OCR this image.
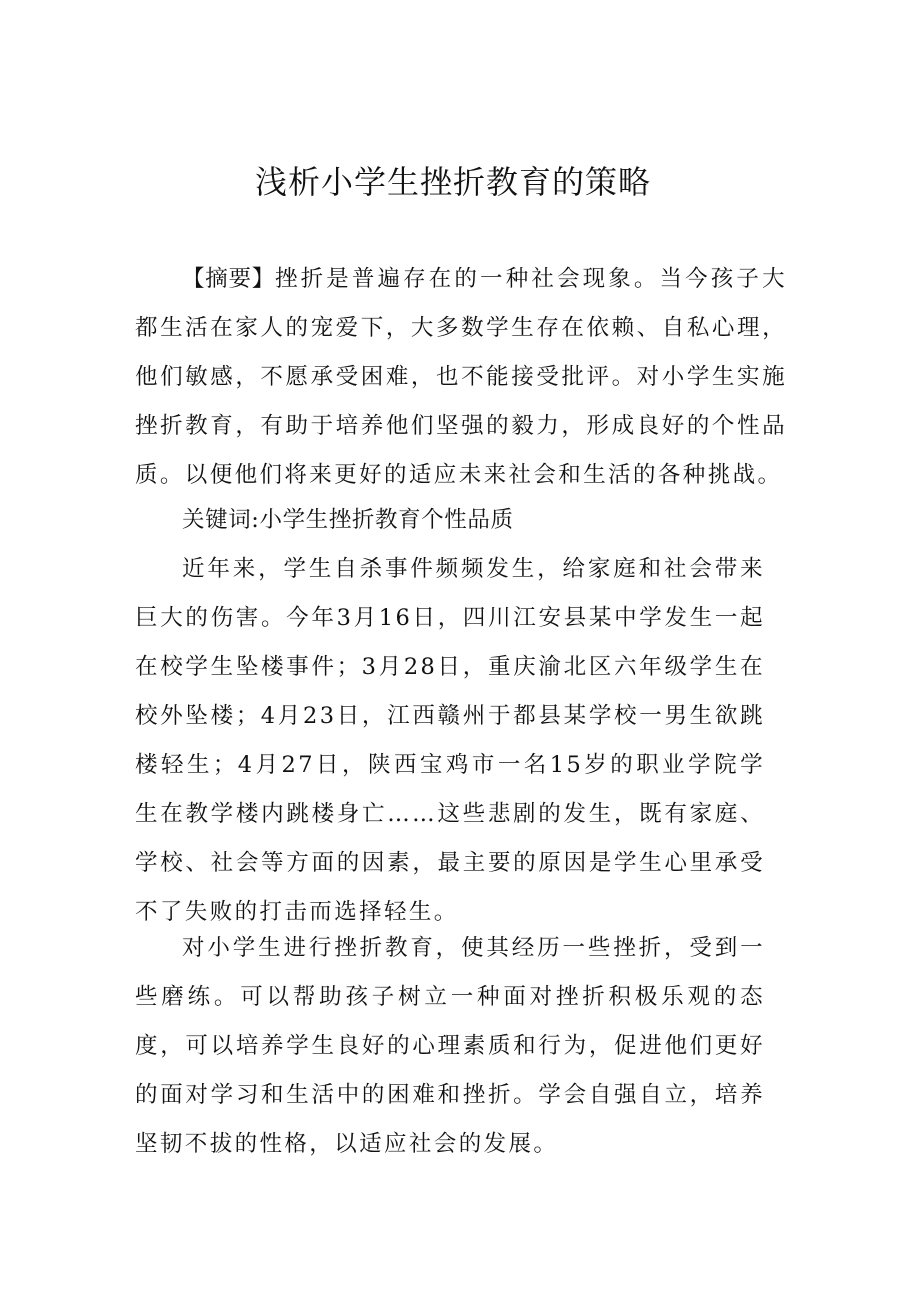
浅析小学生挫折教育的策略

【摘要】挫折是普遍存在的一种社会现象。当今孩子大都生活在家人的宠爱下，大多数学生存在依赖、自私心理，他们敏感，不愿承受困难，也不能接受批评。对小学生实施挫折教育，有助于培养他们坚强的毅力，形成良好的个性品质。以便他们将来更好的适应未来社会和生活的各种挑战。

关键词:小学生挫折教育个性品质

近年来，学生自杀事件频频发生，给家庭和社会带来巨大的伤害。今年3月16日，四川江安县某中学发生一起在校学生坠楼事件；3月28日，重庆渝北区六年级学生在校外坠楼；4月23日，江西赣州于都县某学校一男生欲跳楼轻生；4月27日，陕西宝鸡市一名15岁的职业学院学生在教学楼内跳楼身亡……这些悲剧的发生，既有家庭、学校、社会等方面的因素，最主要的原因是学生心里承受不了失败的打击而选择轻生。

对小学生进行挫折教育，使其经历一些挫折，受到一些磨练。可以帮助孩子树立一种面对挫折积极乐观的态度，可以培养学生良好的心理素质和行为，促进他们更好的面对学习和生活中的困难和挫折。学会自强自立，培养坚韧不拔的性格，以适应社会的发展。
